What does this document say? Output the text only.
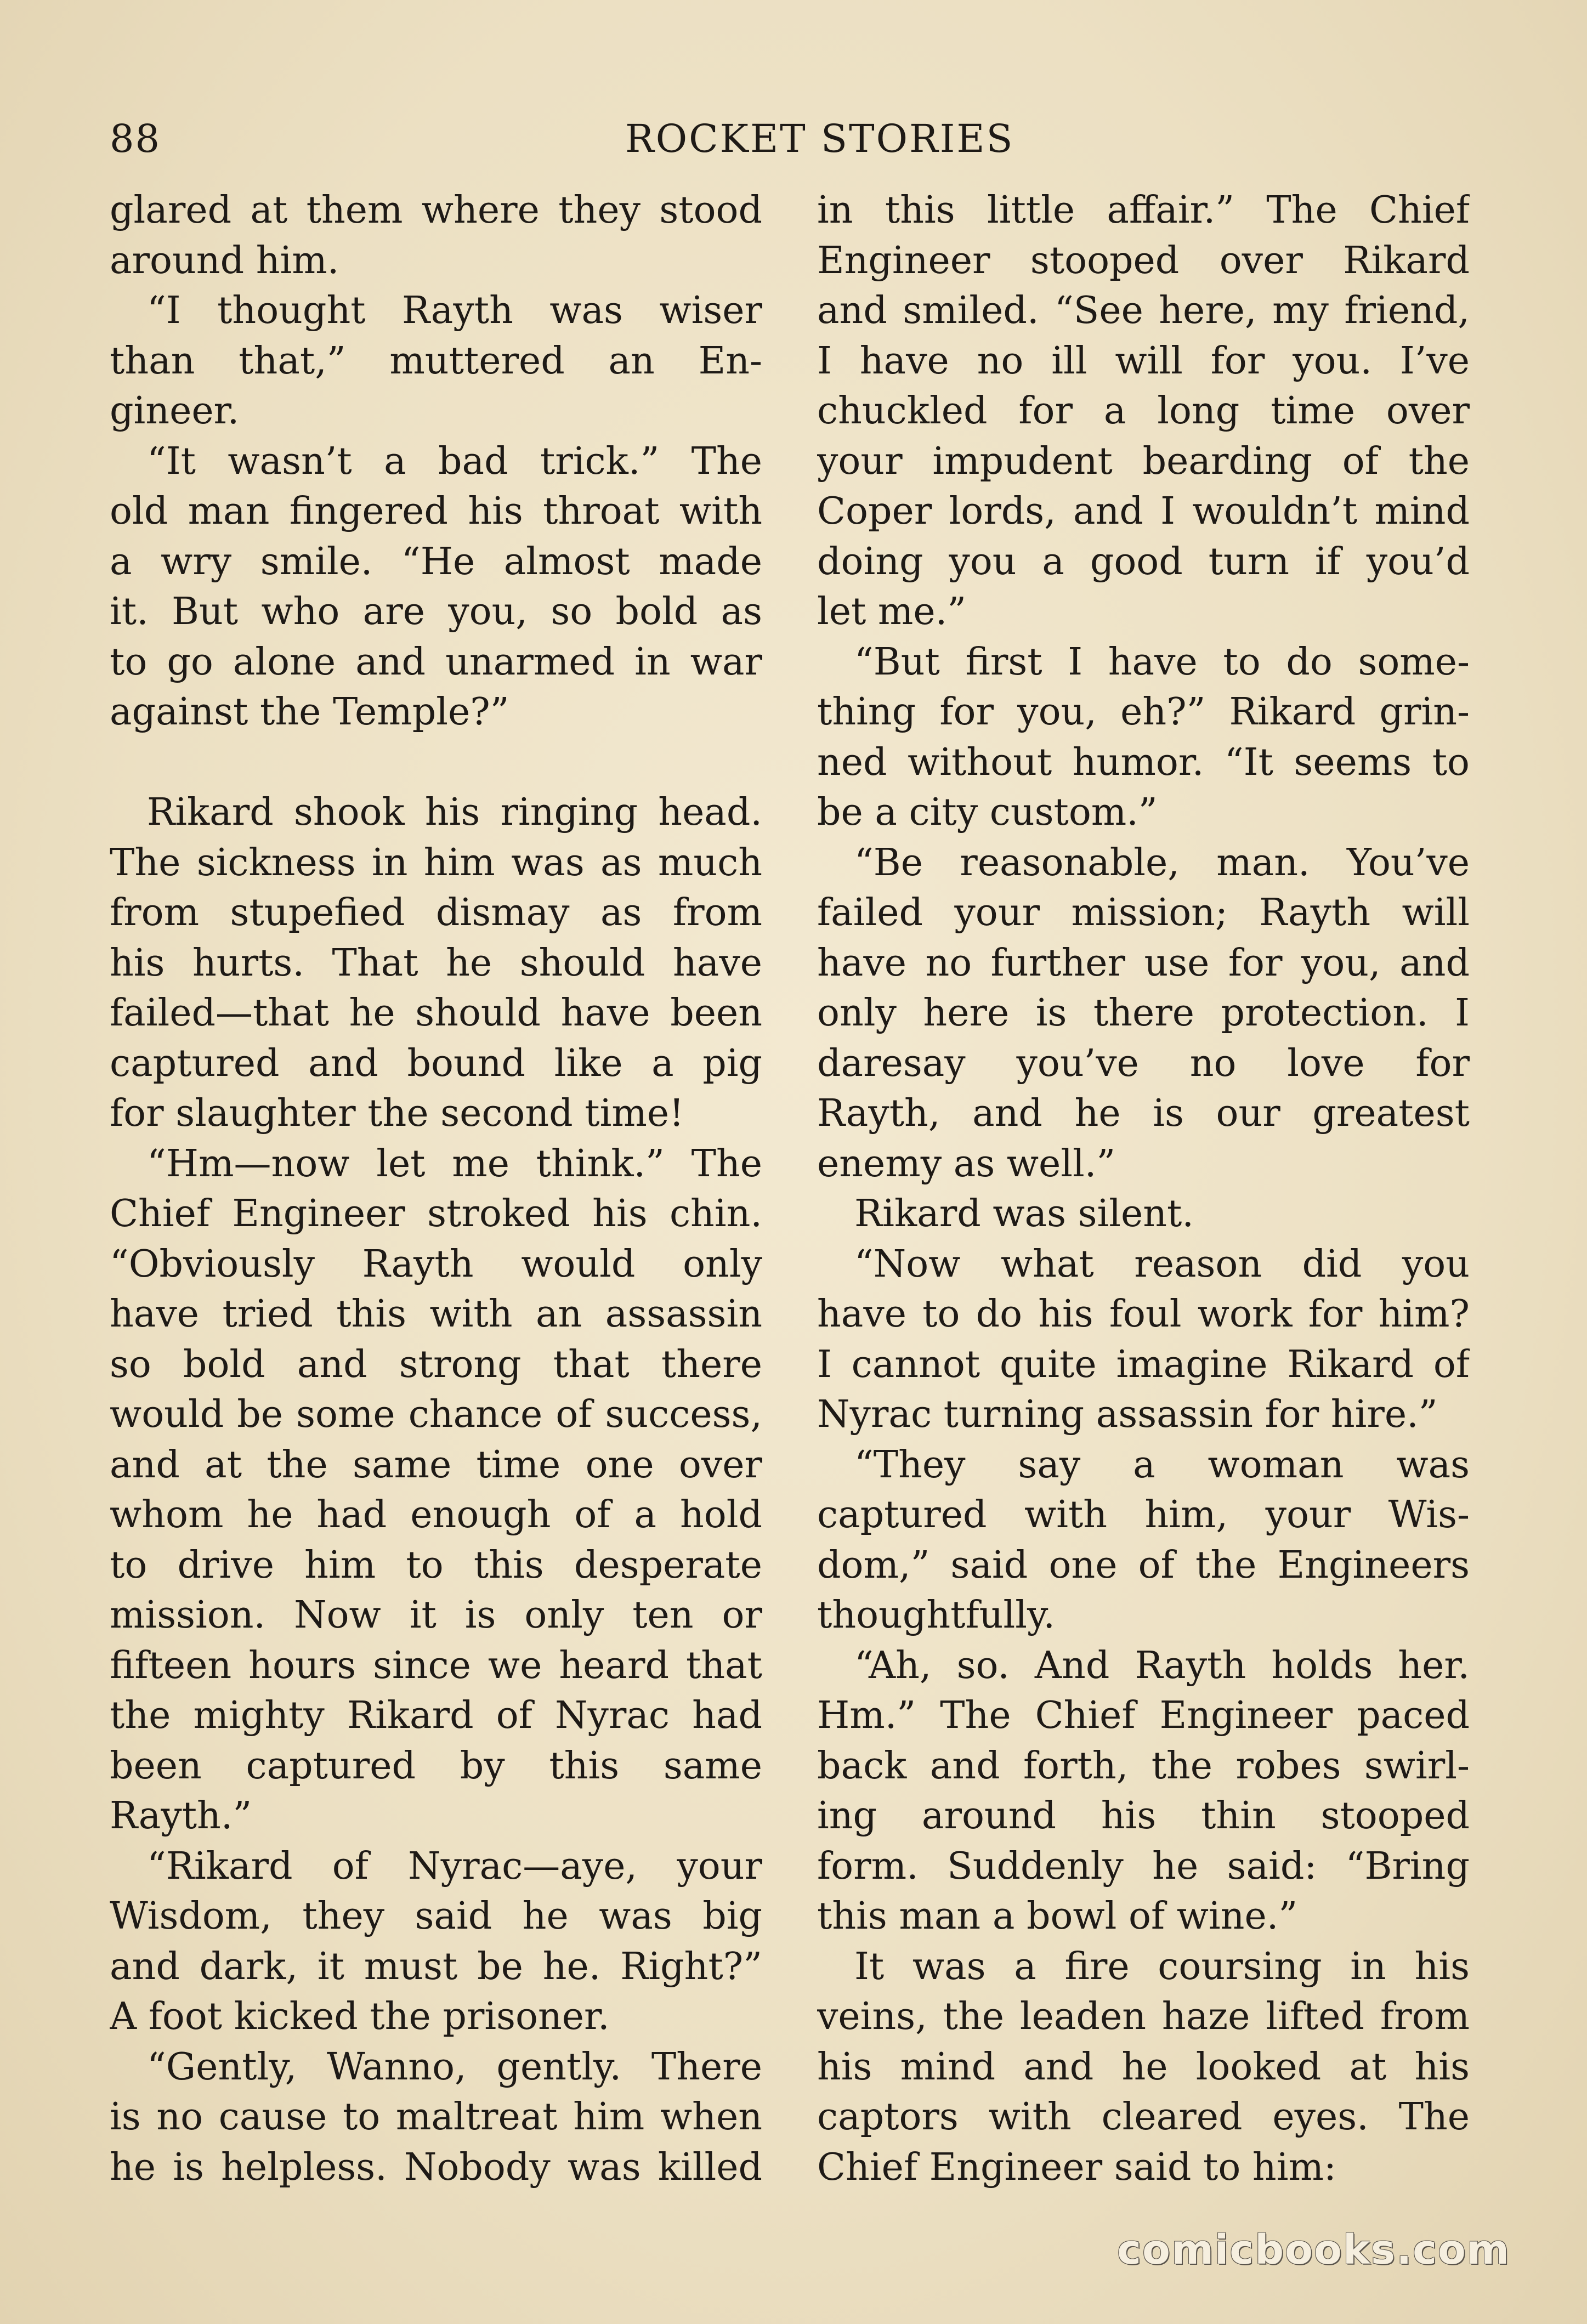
88	ROCKET STORIES
glared at them where they stood
around him.
“I thought Rayth was wiser
than that,” muttered an En-
gineer.
“It wasn’t a bad trick.” The
old man fingered his throat with
a wry smile. “He almost made
it. But who are you, so bold as
to go alone and unarmed in war
against the Temple?”
Rikard shook his ringing head.
The sickness in him was as much
from stupefied dismay as from
his hurts. That he should have
failed—that he should have been
captured and bound like a pig
for slaughter the second time!
“Hm—now let me think.” The
Chief Engineer stroked his chin.
“Obviously Rayth would only
have tried this with an assassin
so bold and strong that there
would be some chance of success,
and at the same time one over
whom he had enough of a hold
to drive him to this desperate
mission. Now it is only ten or
fifteen hours since we heard that
the mighty Rikard of Nyrac had
been captured by this same
Rayth.”
“Rikard of Nyrac—aye, your
Wisdom, they said he was big
and dark, it must be he. Right?”
A foot kicked the prisoner.
“Gently, Wanno, gently. There
is no cause to maltreat him when
he is helpless. Nobody was killed
in this little affair.” The Chief
Engineer stooped over Rikard
and smiled. “See here, my friend,
I have no ill will for you. I’ve
chuckled for a long time over
your impudent bearding of the
Coper lords, and I wouldn’t mind
doing you a good turn if you’d
let me.”
“But first I have to do some-
thing for you, eh?” Rikard grin-
ned without humor. “It seems to
be a city custom.”
“Be reasonable, man. You’ve
failed your mission; Rayth will
have no further use for you, and
only here is there protection. I
daresay you’ve no love for
Rayth, and he is our greatest
enemy as well.”
Rikard was silent.
“Now what reason did you
have to do his foul work for him?
I cannot quite imagine Rikard of
Nyrac turning assassin for hire.”
“They say a woman was
captured with him, your Wis-
dom,” said one of the Engineers
thoughtfully.
“Ah, so. And Rayth holds her.
Hm.” The Chief Engineer paced
back and forth, the robes swirl-
ing around his thin stooped
form. Suddenly he said: “Bring
this man a bowl of wine.”
It was a fire coursing in his
veins, the leaden haze lifted from
his mind and he looked at his
captors with cleared eyes. The
Chief Engineer said to him:
comicbooks.com
